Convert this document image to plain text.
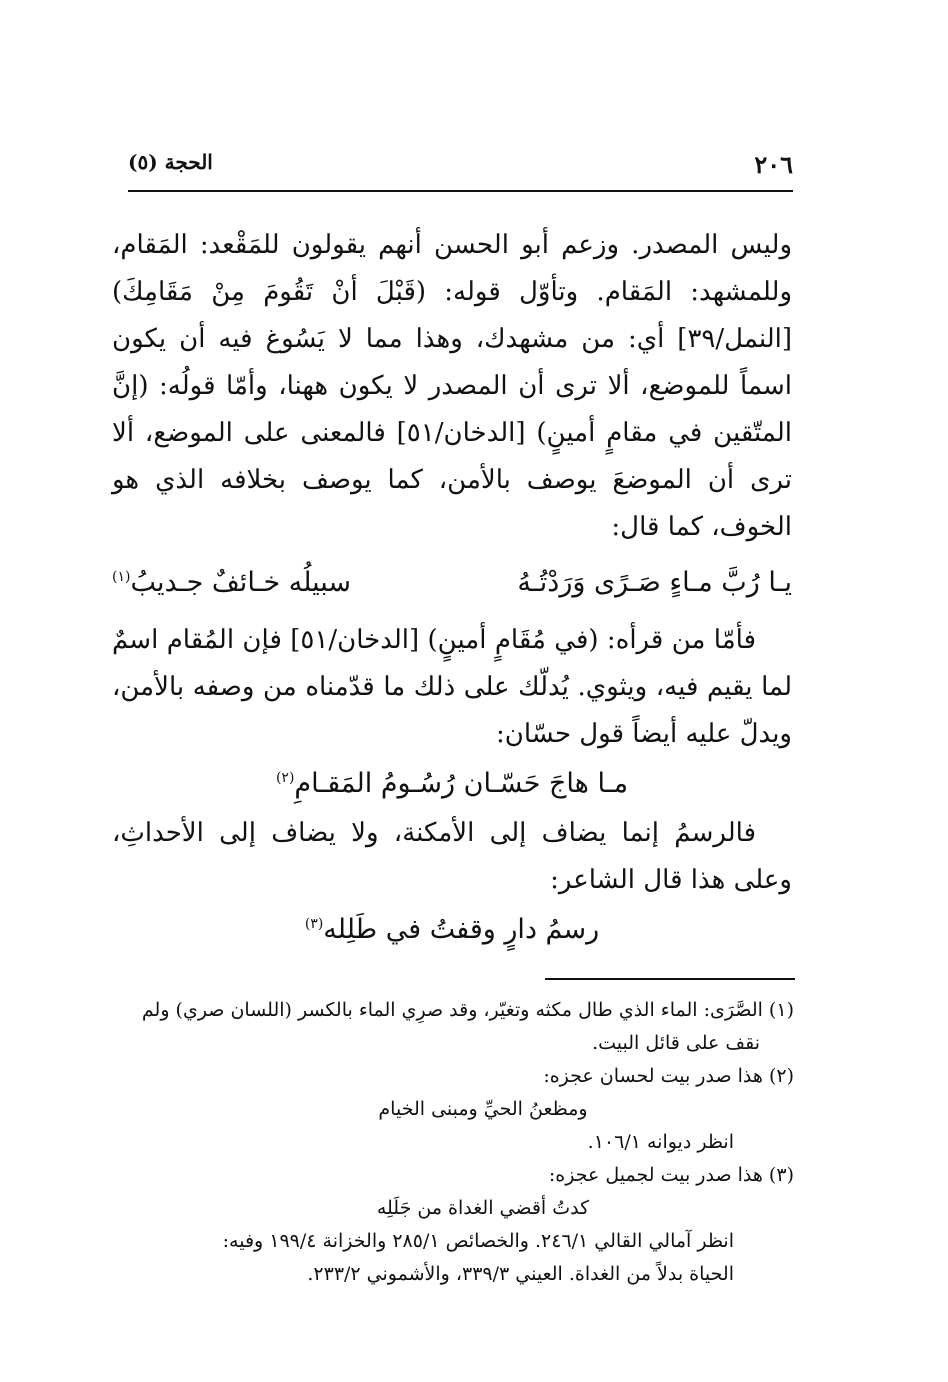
٢٠٦
الحجة (٥)

وليس المصدر. وزعم أبو الحسن أنهم يقولون للمَقْعد: المَقام، وللمشهد: المَقام. وتأوّل قوله: (قَبْلَ أنْ تَقُومَ مِنْ مَقَامِكَ) [النمل/٣٩] أي: من مشهدك، وهذا مما لا يَسُوغ فيه أن يكون اسماً للموضع، ألا ترى أن المصدر لا يكون ههنا، وأمّا قولُه: (إنَّ المتّقين في مقامٍ أمينٍ) [الدخان/٥١] فالمعنى على الموضع، ألا ترى أن الموضعَ يوصف بالأمن، كما يوصف بخلافه الذي هو الخوف، كما قال:

يـا رُبَّ مـاءٍ صَـرًى وَرَدْتُـهُ
سبيلُه خـائفٌ جـديبُ$^{(١)}$

فأمّا من قرأه: (في مُقَامٍ أمينٍ) [الدخان/٥١] فإن المُقام اسمٌ لما يقيم فيه، ويثوي. يُدلّك على ذلك ما قدّمناه من وصفه بالأمن، ويدلّ عليه أيضاً قول حسّان:

مـا هاجَ حَسّـان رُسُـومُ المَقـامِ$^{(٢)}$

فالرسمُ إنما يضاف إلى الأمكنة، ولا يضاف إلى الأحداثِ، وعلى هذا قال الشاعر:

رسمُ دارٍ وقفتُ في طَلِله$^{(٣)}$

(١) الصَّرَى: الماء الذي طال مكثه وتغيّر، وقد صرِي الماء بالكسر (اللسان صري) ولم

نقف على قائل البيت.

(٢) هذا صدر بيت لحسان عجزه:

ومظعنُ الحيِّ ومبنى الخيام

انظر ديوانه ١٠٦/١.

(٣) هذا صدر بيت لجميل عجزه:

كدتُ أقضي الغداة من جَلَلِه

انظر آمالي القالي ٢٤٦/١. والخصائص ٢٨٥/١ والخزانة ١٩٩/٤ وفيه:

الحياة بدلاً من الغداة. العيني ٣٣٩/٣، والأشموني ٢٣٣/٢.
